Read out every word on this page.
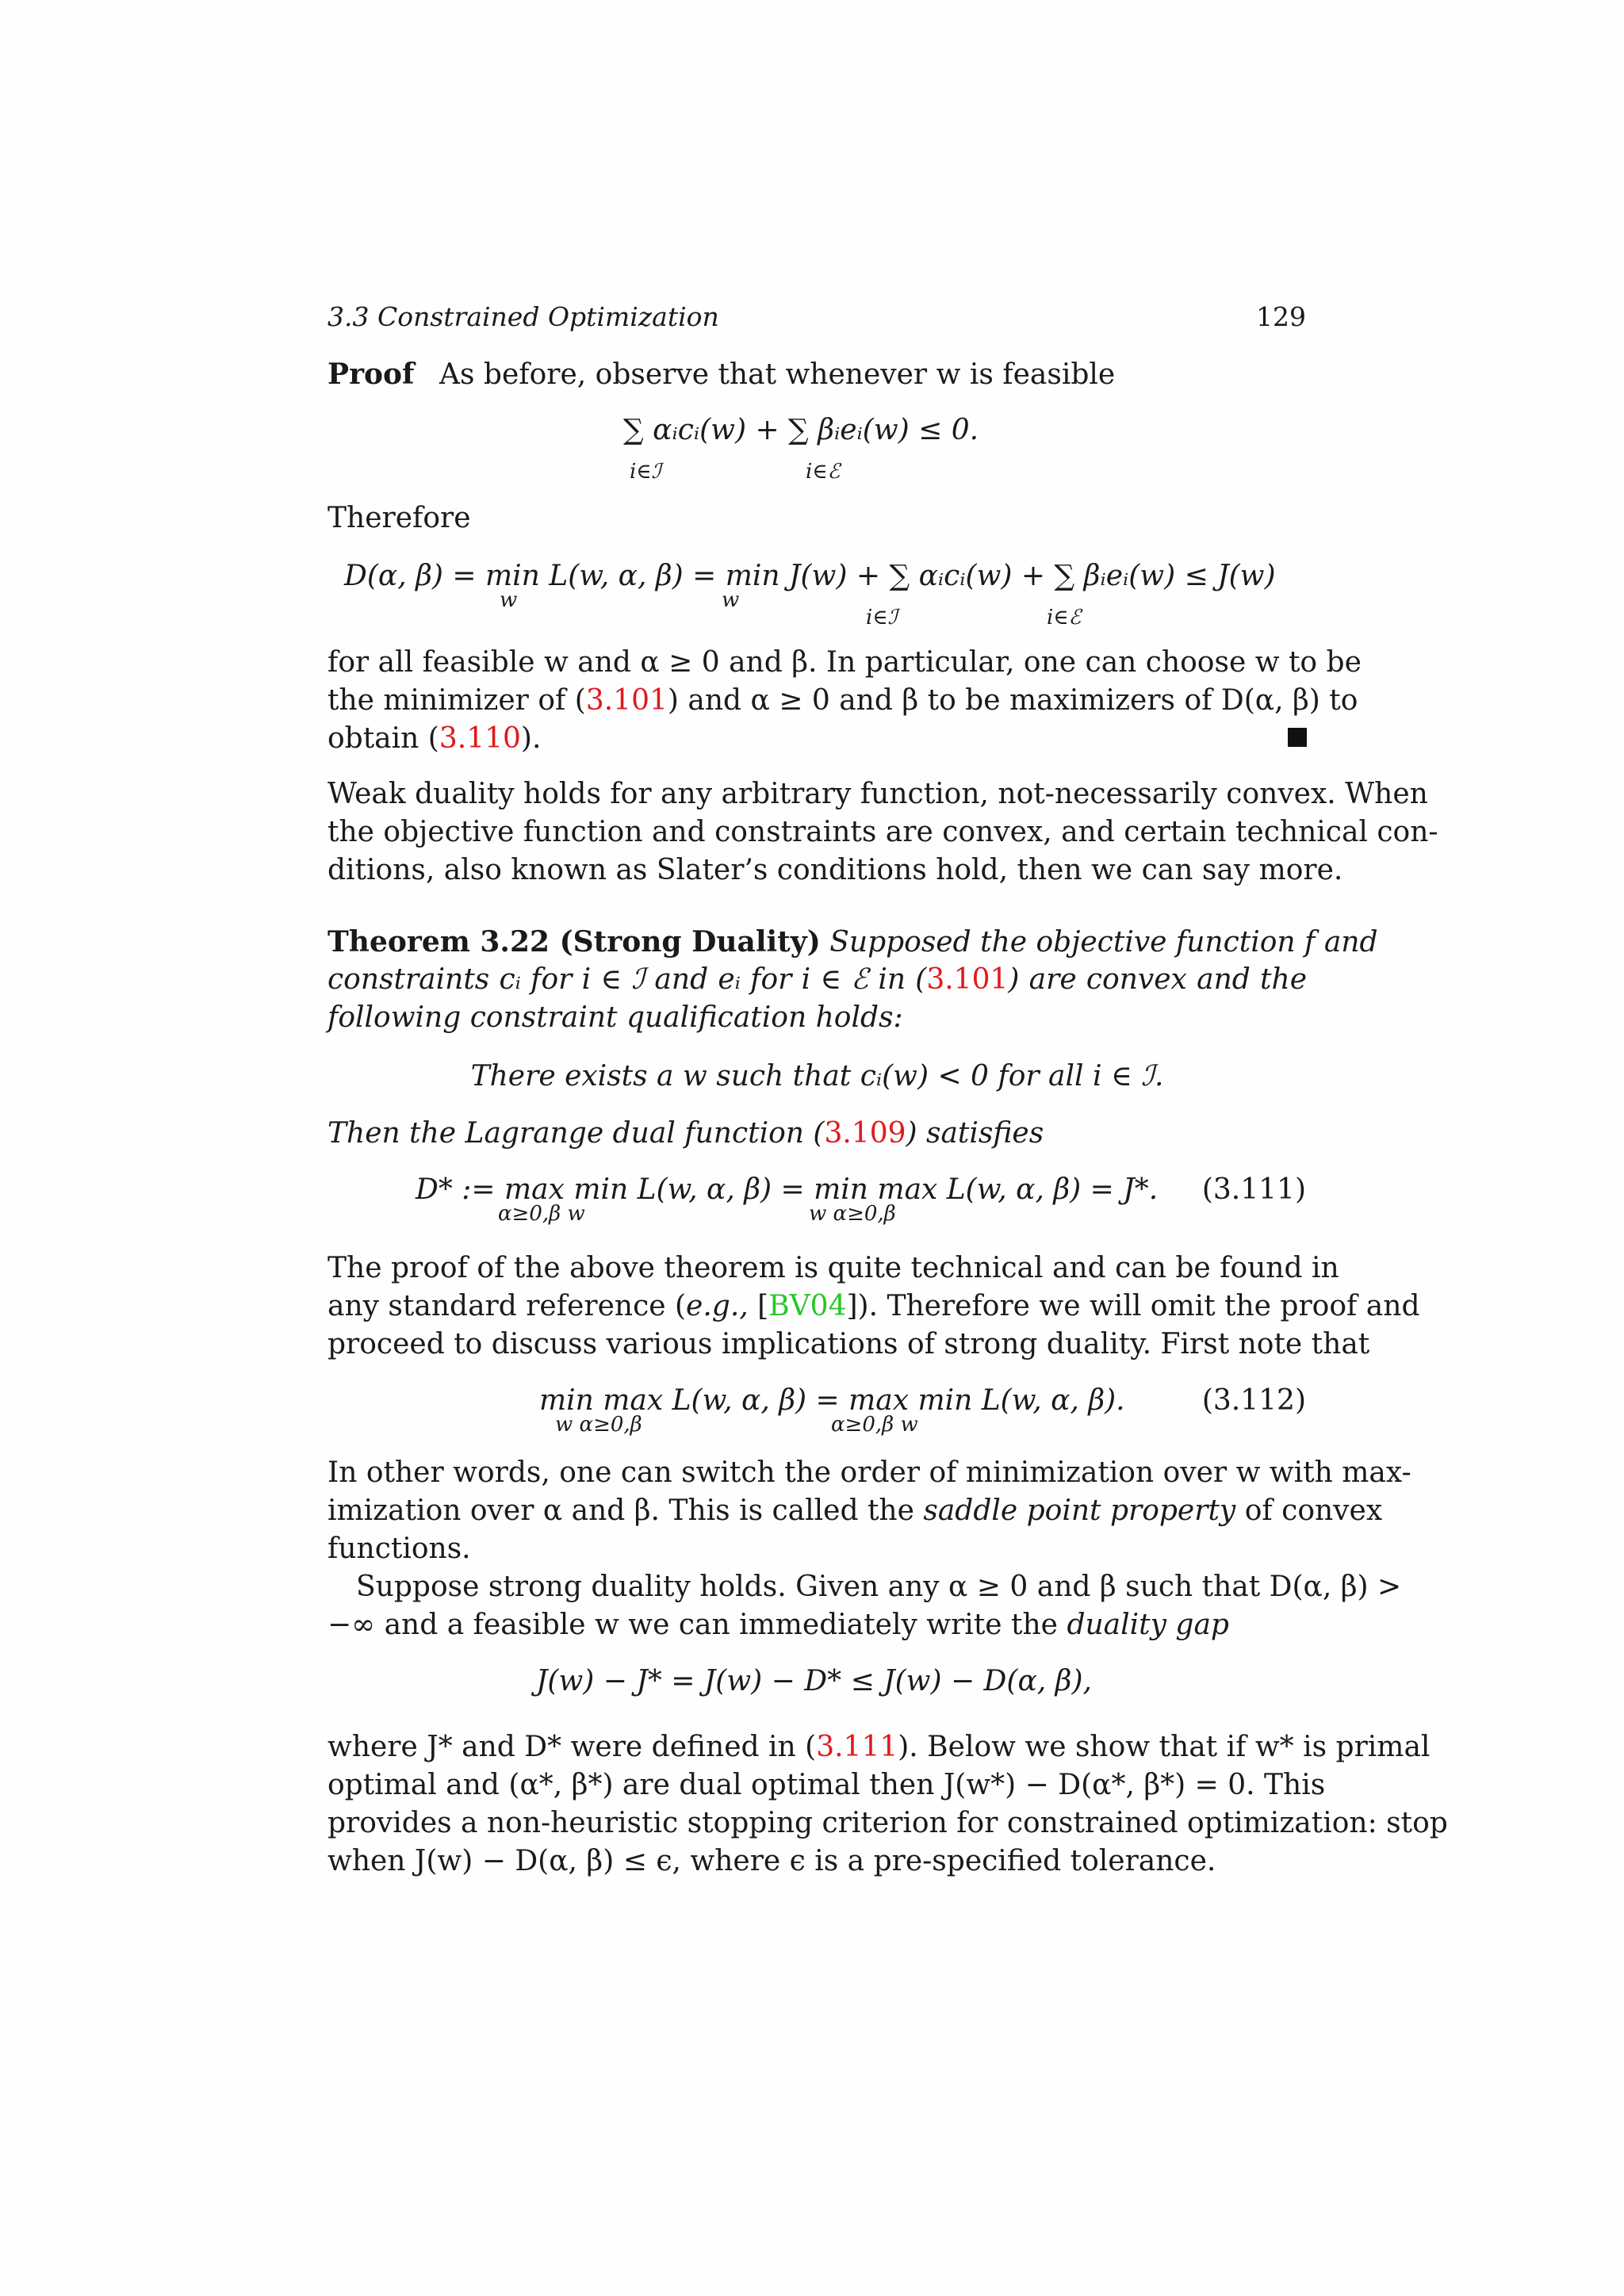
3.3 Constrained Optimization	129
Proof As before, observe that whenever w is feasible
∑ αᵢcᵢ(w) + ∑ βᵢeᵢ(w) ≤ 0.
i∈ℐ	i∈ℰ
Therefore
D(α, β) = min L(w, α, β) = min J(w) + ∑ αᵢcᵢ(w) + ∑ βᵢeᵢ(w) ≤ J(w)
w	w
i∈ℐ	i∈ℰ
for all feasible w and α ≥ 0 and β. In particular, one can choose w to be
the minimizer of (3.101) and α ≥ 0 and β to be maximizers of D(α, β) to
obtain (3.110).
Weak duality holds for any arbitrary function, not-necessarily convex. When
the objective function and constraints are convex, and certain technical con-
ditions, also known as Slater’s conditions hold, then we can say more.
Theorem 3.22 (Strong Duality) Supposed the objective function f and
constraints cᵢ for i ∈ ℐ and eᵢ for i ∈ ℰ in (3.101) are convex and the
following constraint qualification holds:
There exists a w such that cᵢ(w) < 0 for all i ∈ ℐ.
Then the Lagrange dual function (3.109) satisfies
D* := max min L(w, α, β) = min max L(w, α, β) = J*.
α≥0,β w	w α≥0,β
(3.111)
The proof of the above theorem is quite technical and can be found in
any standard reference (e.g., [BV04]). Therefore we will omit the proof and
proceed to discuss various implications of strong duality. First note that
min max L(w, α, β) = max min L(w, α, β).
w α≥0,β	α≥0,β w
(3.112)
In other words, one can switch the order of minimization over w with max-
imization over α and β. This is called the saddle point property of convex
functions.
Suppose strong duality holds. Given any α ≥ 0 and β such that D(α, β) >
−∞ and a feasible w we can immediately write the duality gap
J(w) − J* = J(w) − D* ≤ J(w) − D(α, β),
where J* and D* were defined in (3.111). Below we show that if w* is primal
optimal and (α*, β*) are dual optimal then J(w*) − D(α*, β*) = 0. This
provides a non-heuristic stopping criterion for constrained optimization: stop
when J(w) − D(α, β) ≤ ϵ, where ϵ is a pre-specified tolerance.
